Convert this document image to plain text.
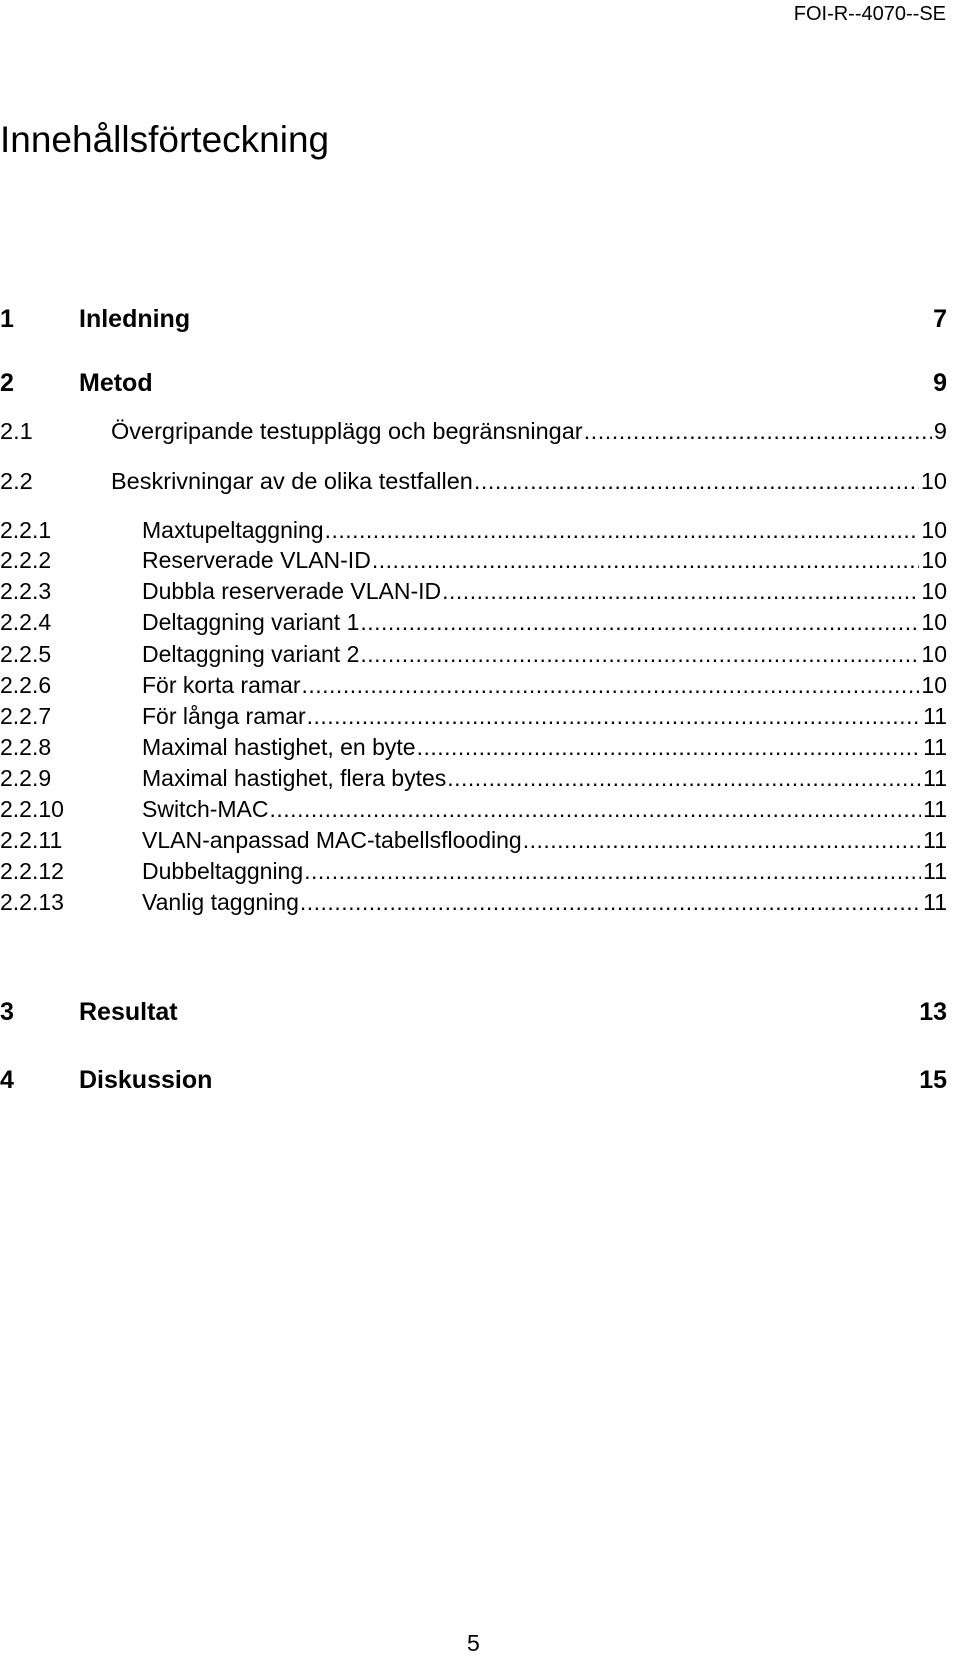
FOI-R--4070--SE
Innehållsförteckning
1	Inledning	7
2	Metod	9
2.1	Övergripande testupplägg och begränsningar .....	9
2.2	Beskrivningar av de olika testfallen .....	10
2.2.1	Maxtupeltaggning .....	10
2.2.2	Reserverade VLAN-ID .....	10
2.2.3	Dubbla reserverade VLAN-ID .....	10
2.2.4	Deltaggning variant 1 .....	10
2.2.5	Deltaggning variant 2 .....	10
2.2.6	För korta ramar .....	10
2.2.7	För långa ramar .....	11
2.2.8	Maximal hastighet, en byte .....	11
2.2.9	Maximal hastighet, flera bytes .....	11
2.2.10	Switch-MAC .....	11
2.2.11	VLAN-anpassad MAC-tabellsflooding .....	11
2.2.12	Dubbeltaggning .....	11
2.2.13	Vanlig taggning .....	11
3	Resultat	13
4	Diskussion	15
5
